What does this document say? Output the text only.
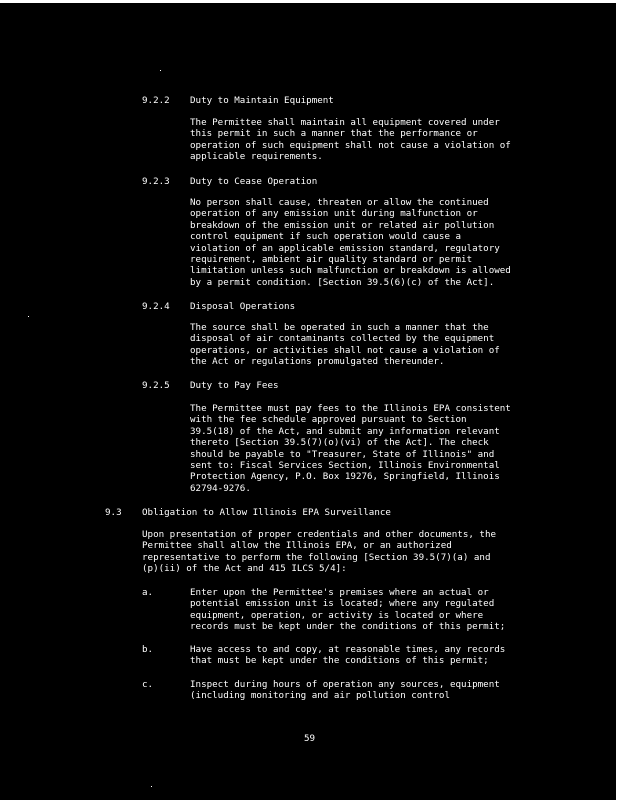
9.2.2 Duty to Maintain Equipment
The Permittee shall maintain all equipment covered under
this permit in such a manner that the performance or
operation of such equipment shall not cause a violation of
applicable requirements.
9.2.3 Duty to Cease Operation
No person shall cause, threaten or allow the continued
operation of any emission unit during malfunction or
breakdown of the emission unit or related air pollution
control equipment if such operation would cause a
violation of an applicable emission standard, regulatory
requirement, ambient air quality standard or permit
limitation unless such malfunction or breakdown is allowed
by a permit condition. [Section 39.5(6)(c) of the Act].
9.2.4 Disposal Operations
The source shall be operated in such a manner that the
disposal of air contaminants collected by the equipment
operations, or activities shall not cause a violation of
the Act or regulations promulgated thereunder.
9.2.5 Duty to Pay Fees
The Permittee must pay fees to the Illinois EPA consistent
with the fee schedule approved pursuant to Section
39.5(18) of the Act, and submit any information relevant
thereto [Section 39.5(7)(o)(vi) of the Act]. The check
should be payable to "Treasurer, State of Illinois" and
sent to: Fiscal Services Section, Illinois Environmental
Protection Agency, P.O. Box 19276, Springfield, Illinois
62794-9276.
9.3 Obligation to Allow Illinois EPA Surveillance
Upon presentation of proper credentials and other documents, the
Permittee shall allow the Illinois EPA, or an authorized
representative to perform the following [Section 39.5(7)(a) and
(p)(ii) of the Act and 415 ILCS 5/4]:
a.	Enter upon the Permittee's premises where an actual or
potential emission unit is located; where any regulated
equipment, operation, or activity is located or where
records must be kept under the conditions of this permit;
b.	Have access to and copy, at reasonable times, any records
that must be kept under the conditions of this permit;
c.	Inspect during hours of operation any sources, equipment
(including monitoring and air pollution control
59
